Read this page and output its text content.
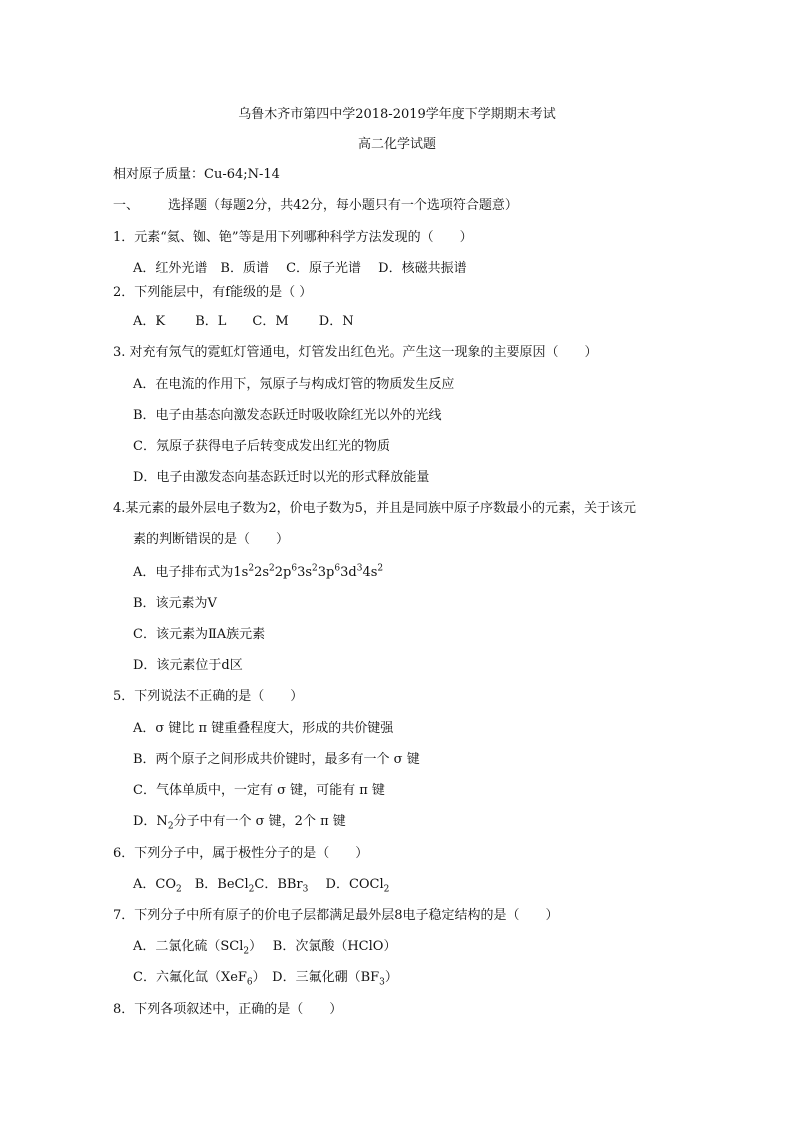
乌鲁木齐市第四中学2018-2019学年度下学期期末考试
高二化学试题
相对原子质量：Cu-64;N-14
一、 选择题（每题2分，共42分，每小题只有一个选项符合题意）
1．元素“氦、铷、铯”等是用下列哪种科学方法发现的（　　）
A．红外光谱　B．质谱　 C．原子光谱　 D．核磁共振谱
2．下列能层中，有f能级的是（ ）
A．K　　 B．L　　C．M　　 D．N
3. 对充有氖气的霓虹灯管通电，灯管发出红色光。产生这一现象的主要原因（　　）
A．在电流的作用下，氖原子与构成灯管的物质发生反应
B．电子由基态向激发态跃迁时吸收除红光以外的光线
C．氖原子获得电子后转变成发出红光的物质
D．电子由激发态向基态跃迁时以光的形式释放能量
4.某元素的最外层电子数为2，价电子数为5，并且是同族中原子序数最小的元素，关于该元
素的判断错误的是（　　）
A．电子排布式为$1s^22s^22p^63s^23p^63d^34s^2$
B．该元素为V
C．该元素为ⅡA族元素
D．该元素位于d区
5．下列说法不正确的是（　　）
A．σ 键比 π 键重叠程度大，形成的共价键强
B．两个原子之间形成共价键时，最多有一个 σ 键
C．气体单质中，一定有 σ 键，可能有 π 键
D．$N_2$分子中有一个 σ 键，2个 π 键
6．下列分子中，属于极性分子的是（　　）
A．$CO_2$　B．BeCl$_2$C．BBr$_3$　 D．COCl$_2$
7．下列分子中所有原子的价电子层都满足最外层8电子稳定结构的是（　　）
A．二氯化硫（SCl$_2$）　 B．次氯酸（HClO）
C．六氟化氙（XeF$_6$）　D．三氟化硼$(BF_3)$
8．下列各项叙述中，正确的是（　　）
